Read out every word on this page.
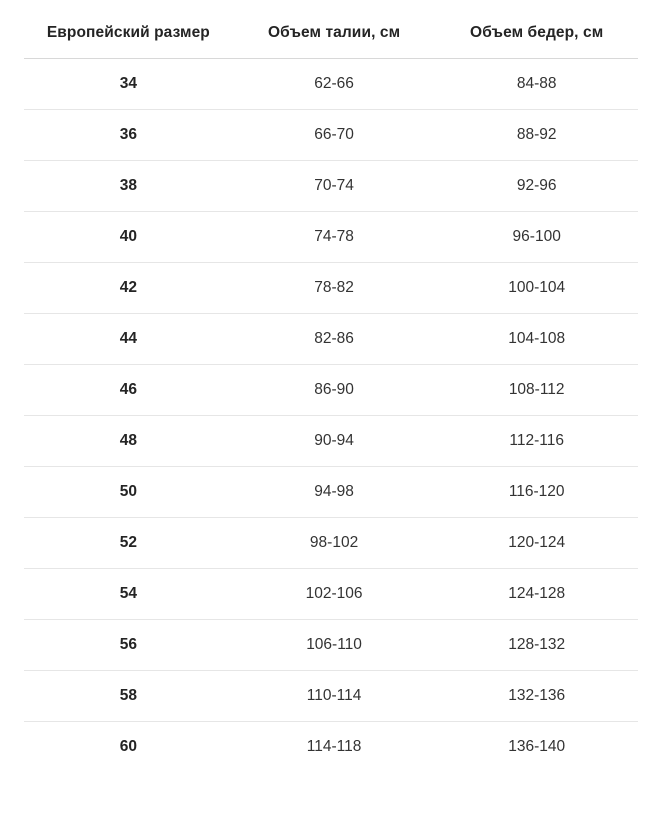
Европейский размер	Объем талии, см	Объем бедер, см
34	62-66	84-88
36	66-70	88-92
38	70-74	92-96
40	74-78	96-100
42	78-82	100-104
44	82-86	104-108
46	86-90	108-112
48	90-94	112-116
50	94-98	116-120
52	98-102	120-124
54	102-106	124-128
56	106-110	128-132
58	110-114	132-136
60	114-118	136-140
